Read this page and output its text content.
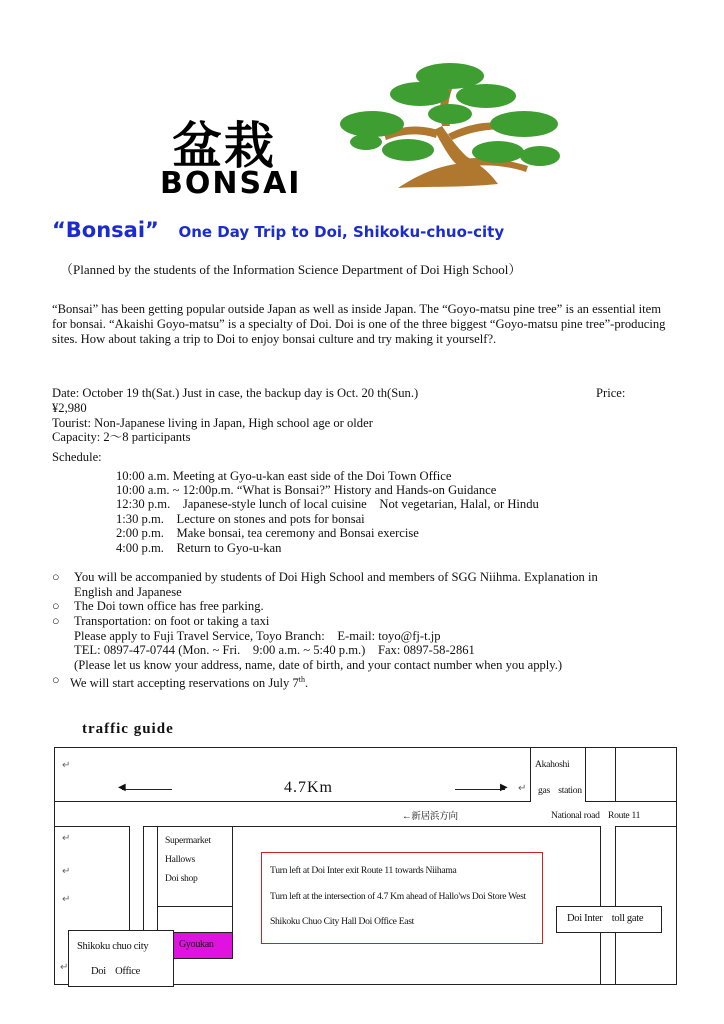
盆栽
BONSAI
“Bonsai” One Day Trip to Doi, Shikoku-chuo-city
（Planned by the students of the Information Science Department of Doi High School）
“Bonsai” has been getting popular outside Japan as well as inside Japan. The “Goyo-matsu pine tree” is an essential item for bonsai. “Akaishi Goyo-matsu” is a specialty of Doi. Doi is one of the three biggest “Goyo-matsu pine tree”-producing sites. How about taking a trip to Doi to enjoy bonsai culture and try making it yourself?.
Date: October 19 th(Sat.) Just in case, the backup day is Oct. 20 th(Sun.)	Price:
¥2,980
Tourist: Non-Japanese living in Japan, High school age or older
Capacity: 2～8 participants
Schedule:
10:00 a.m. Meeting at Gyo-u-kan east side of the Doi Town Office
10:00 a.m. ~ 12:00p.m. “What is Bonsai?” History and Hands-on Guidance
12:30 p.m.    Japanese-style lunch of local cuisine    Not vegetarian, Halal, or Hindu
1:30 p.m.    Lecture on stones and pots for bonsai
2:00 p.m.    Make bonsai, tea ceremony and Bonsai exercise
4:00 p.m.    Return to Gyo-u-kan
○ You will be accompanied by students of Doi High School and members of SGG Niihma. Explanation in
English and Japanese
○ The Doi town office has free parking.
○ Transportation: on foot or taking a taxi
Please apply to Fuji Travel Service, Toyo Branch:    E-mail: toyo@fj-t.jp
TEL: 0897-47-0744 (Mon. ~ Fri.    9:00 a.m. ~ 5:40 p.m.)    Fax: 0897-58-2861
(Please let us know your address, name, date of birth, and your contact number when you apply.)
○ We will start accepting reservations on July 7th.
traffic guide
↵
↵
↵
↵
↵
◀	▶
4.7Km
Akahoshi
gas    station
←新居浜方向	National road    Route 11
Supermarket
Hallows
Doi shop
Turn left at Doi Inter exit Route 11 towards Niihama
Turn left at the intersection of 4.7 Km ahead of Hallo'ws Doi Store West
Shikoku Chuo City Hall Doi Office East	Doi Inter    toll gate
Gyoukan
Shikoku chuo city
Doi    Office
↵
